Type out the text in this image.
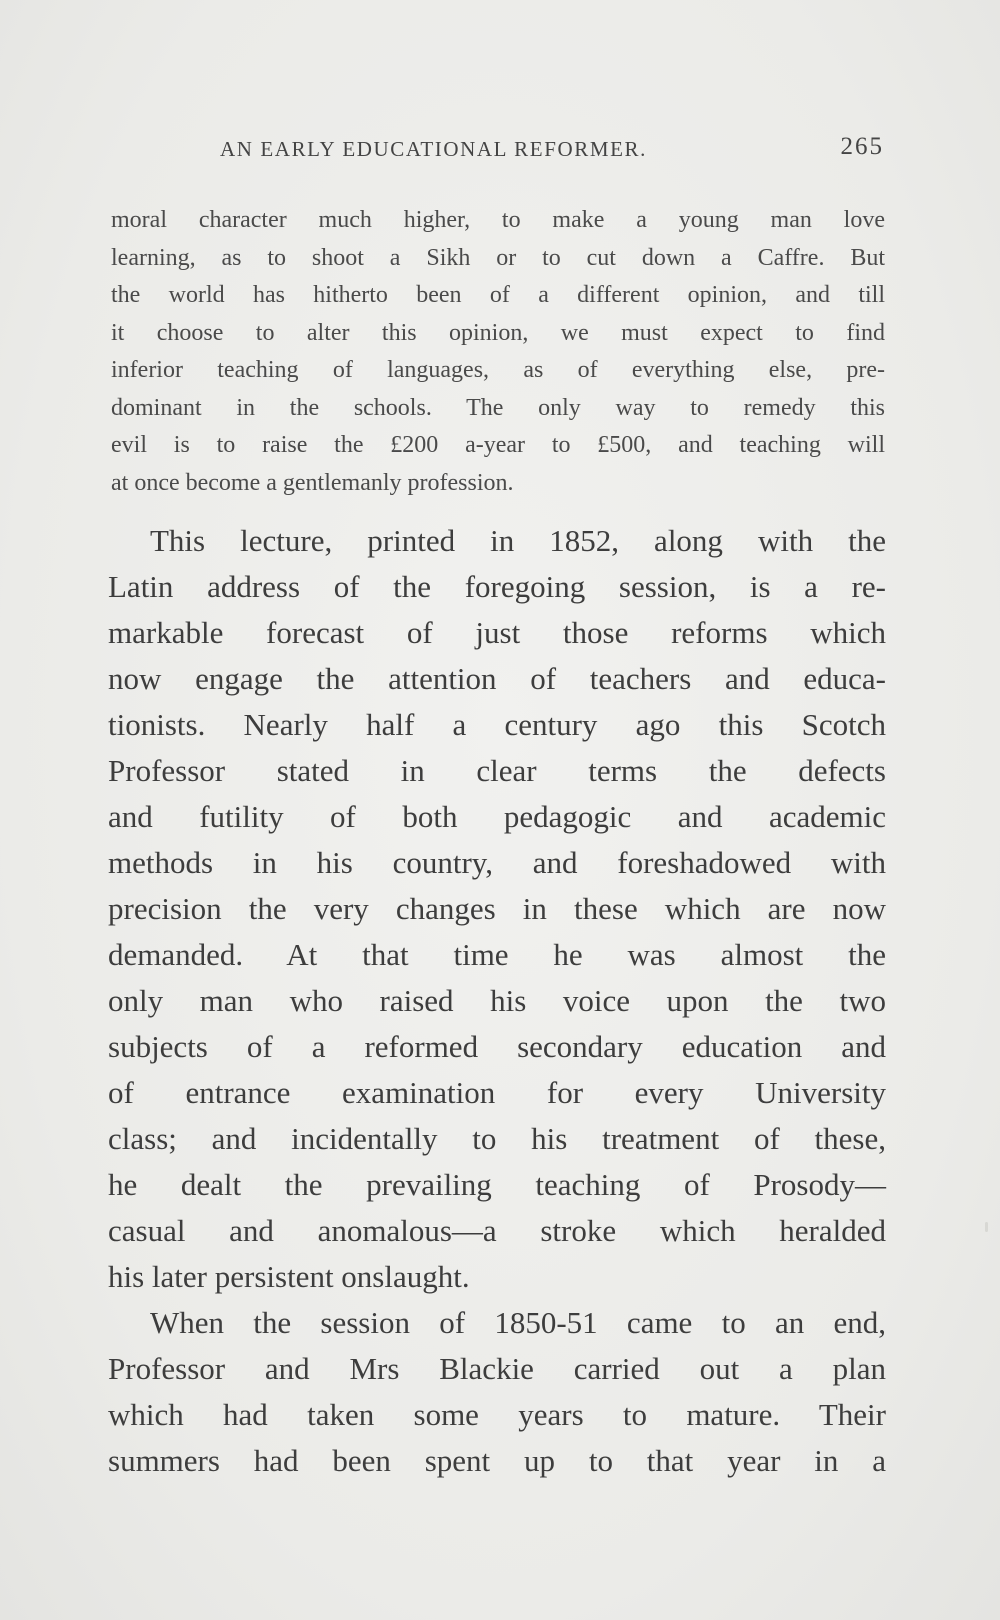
AN EARLY EDUCATIONAL REFORMER.	265
moral character much higher, to make a young man love
learning, as to shoot a Sikh or to cut down a Caffre. But
the world has hitherto been of a different opinion, and till
it choose to alter this opinion, we must expect to find
inferior teaching of languages, as of everything else, pre-
dominant in the schools. The only way to remedy this
evil is to raise the £200 a-year to £500, and teaching will
at once become a gentlemanly profession.
This lecture, printed in 1852, along with the
Latin address of the foregoing session, is a re-
markable forecast of just those reforms which
now engage the attention of teachers and educa-
tionists. Nearly half a century ago this Scotch
Professor stated in clear terms the defects
and futility of both pedagogic and academic
methods in his country, and foreshadowed with
precision the very changes in these which are now
demanded. At that time he was almost the
only man who raised his voice upon the two
subjects of a reformed secondary education and
of entrance examination for every University
class; and incidentally to his treatment of these,
he dealt the prevailing teaching of Prosody—
casual and anomalous—a stroke which heralded
his later persistent onslaught.
When the session of 1850-51 came to an end,
Professor and Mrs Blackie carried out a plan
which had taken some years to mature. Their
summers had been spent up to that year in a
